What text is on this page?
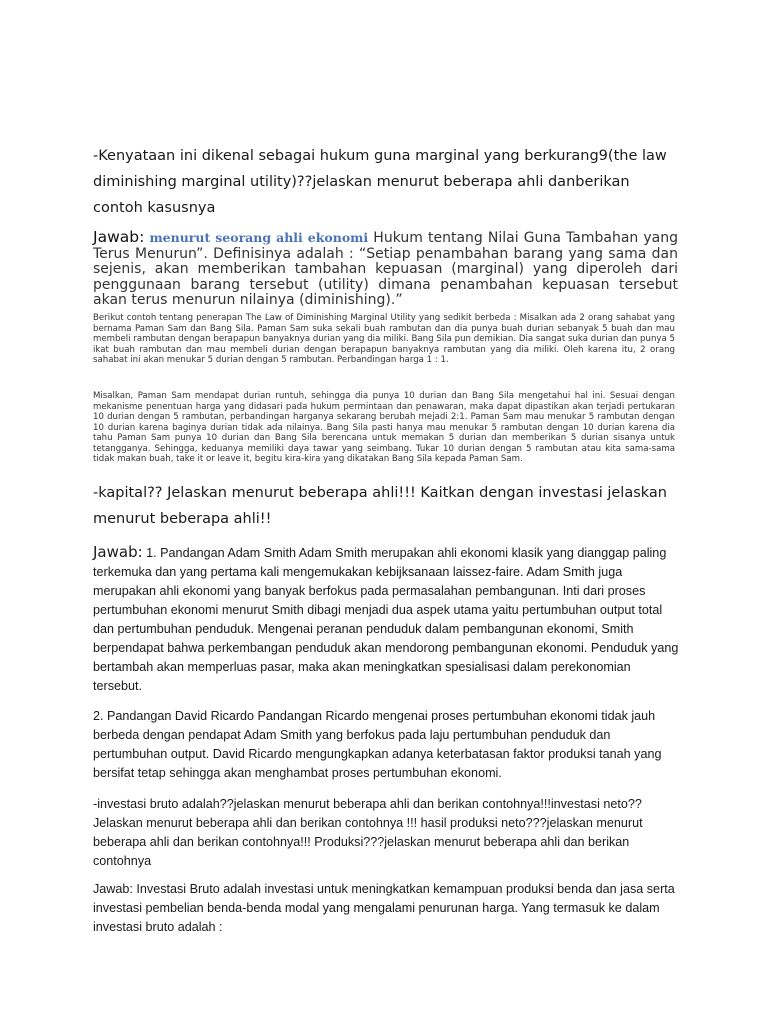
-Kenyataan ini dikenal sebagai hukum guna marginal yang berkurang9(the law diminishing marginal utility)??jelaskan menurut beberapa ahli danberikan contoh kasusnya

Jawab: menurut seorang ahli ekonomi Hukum tentang Nilai Guna Tambahan yang Terus Menurun”. Definisinya adalah : “Setiap penambahan barang yang sama dan sejenis, akan memberikan tambahan kepuasan (marginal) yang diperoleh dari penggunaan barang tersebut (utility) dimana penambahan kepuasan tersebut akan terus menurun nilainya (diminishing).”

Berikut contoh tentang penerapan The Law of Diminishing Marginal Utility yang sedikit berbeda : Misalkan ada 2 orang sahabat yang bernama Paman Sam dan Bang Sila. Paman Sam suka sekali buah rambutan dan dia punya buah durian sebanyak 5 buah dan mau membeli rambutan dengan berapapun banyaknya durian yang dia miliki. Bang Sila pun demikian. Dia sangat suka durian dan punya 5 ikat buah rambutan dan mau membeli durian dengan berapapun banyaknya rambutan yang dia miliki. Oleh karena itu, 2 orang sahabat ini akan menukar 5 durian dengan 5 rambutan. Perbandingan harga 1 : 1.

Misalkan, Paman Sam mendapat durian runtuh, sehingga dia punya 10 durian dan Bang Sila mengetahui hal ini. Sesuai dengan mekanisme penentuan harga yang didasari pada hukum permintaan dan penawaran, maka dapat dipastikan akan terjadi pertukaran 10 durian dengan 5 rambutan, perbandingan harganya sekarang berubah mejadi 2:1. Paman Sam mau menukar 5 rambutan dengan 10 durian karena baginya durian tidak ada nilainya. Bang Sila pasti hanya mau menukar 5 rambutan dengan 10 durian karena dia tahu Paman Sam punya 10 durian dan Bang Sila berencana untuk memakan 5 durian dan memberikan 5 durian sisanya untuk tetangganya. Sehingga, keduanya memiliki daya tawar yang seimbang. Tukar 10 durian dengan 5 rambutan atau kita sama-sama tidak makan buah, take it or leave it, begitu kira-kira yang dikatakan Bang Sila kepada Paman Sam.

-kapital?? Jelaskan menurut beberapa ahli!!! Kaitkan dengan investasi jelaskan menurut beberapa ahli!!

Jawab: 1. Pandangan Adam Smith Adam Smith merupakan ahli ekonomi klasik yang dianggap paling terkemuka dan yang pertama kali mengemukakan kebijksanaan laissez-faire. Adam Smith juga merupakan ahli ekonomi yang banyak berfokus pada permasalahan pembangunan. Inti dari proses pertumbuhan ekonomi menurut Smith dibagi menjadi dua aspek utama yaitu pertumbuhan output total dan pertumbuhan penduduk. Mengenai peranan penduduk dalam pembangunan ekonomi, Smith berpendapat bahwa perkembangan penduduk akan mendorong pembangunan ekonomi. Penduduk yang bertambah akan memperluas pasar, maka akan meningkatkan spesialisasi dalam perekonomian tersebut.

2. Pandangan David Ricardo Pandangan Ricardo mengenai proses pertumbuhan ekonomi tidak jauh berbeda dengan pendapat Adam Smith yang berfokus pada laju pertumbuhan penduduk dan pertumbuhan output. David Ricardo mengungkapkan adanya keterbatasan faktor produksi tanah yang bersifat tetap sehingga akan menghambat proses pertumbuhan ekonomi.

-investasi bruto adalah??jelaskan menurut beberapa ahli dan berikan contohnya!!!investasi neto?? Jelaskan menurut beberapa ahli dan berikan contohnya !!! hasil produksi neto???jelaskan menurut beberapa ahli dan berikan contohnya!!! Produksi???jelaskan menurut beberapa ahli dan berikan contohnya

Jawab: Investasi Bruto adalah investasi untuk meningkatkan kemampuan produksi benda dan jasa serta investasi pembelian benda-benda modal yang mengalami penurunan harga. Yang termasuk ke dalam investasi bruto adalah :
